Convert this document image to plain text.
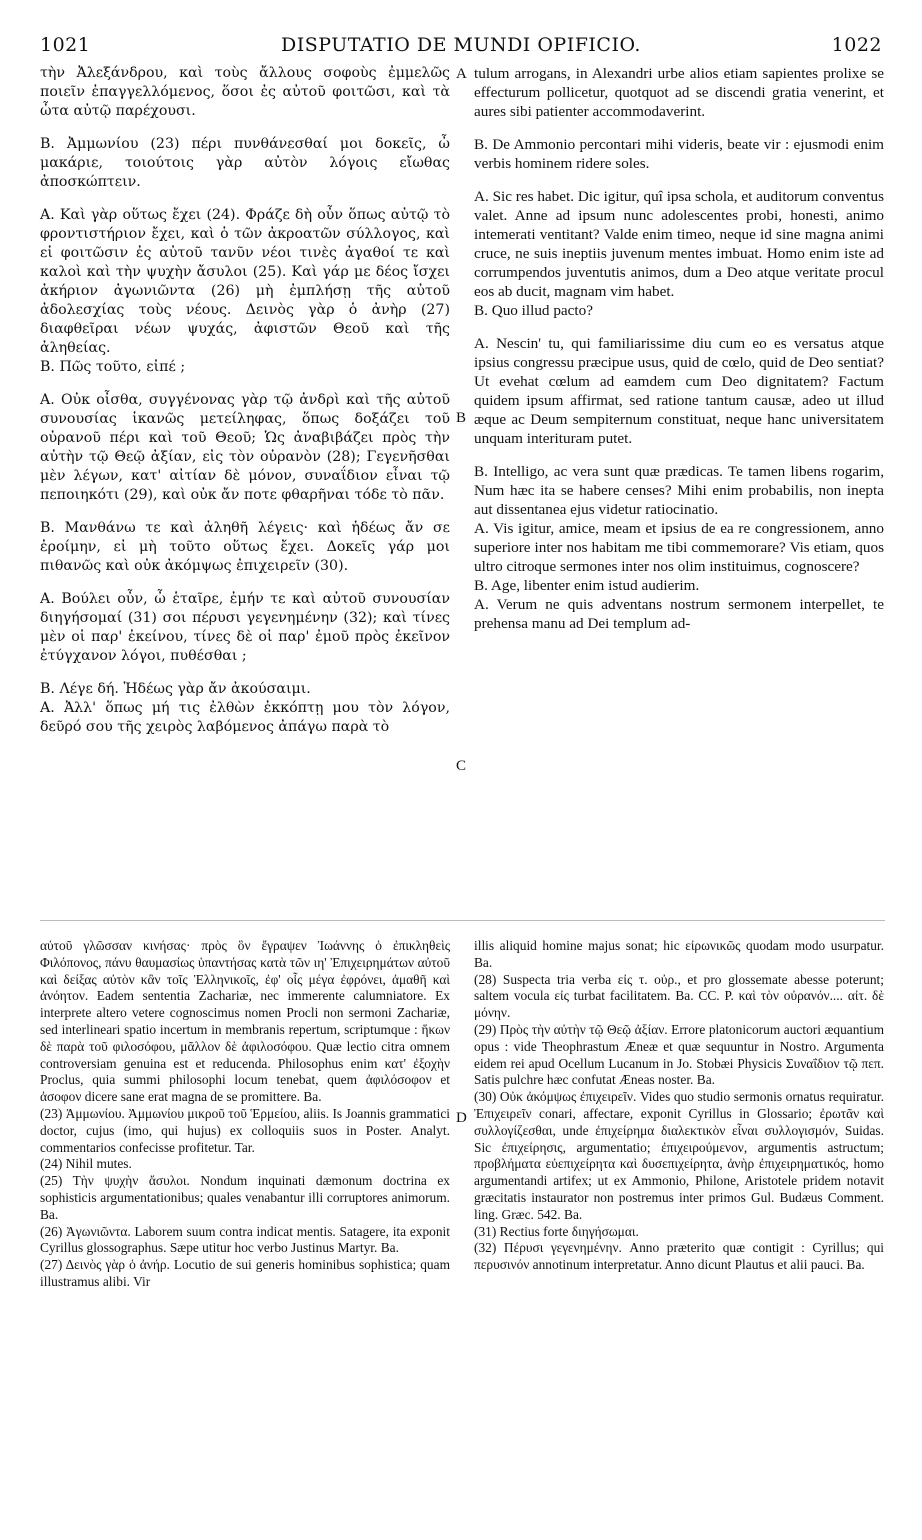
1021	DISPUTATIO DE MUNDI OPIFICIO.	1022
A
B
C
D

τὴν Ἀλεξάνδρου, καὶ τοὺς ἄλλους σοφοὺς ἐμμελῶς ποιεῖν ἐπαγγελλόμενος, ὅσοι ἐς αὐτοῦ φοιτῶσι, καὶ τὰ ὦτα αὐτῷ παρέχουσι.

B. Ἀμμωνίου (23) πέρι πυνθάνεσθαί μοι δοκεῖς, ὦ μακάριε, τοιούτοις γὰρ αὐτὸν λόγοις εἴωθας ἀποσκώπτειν.

A. Καὶ γὰρ οὕτως ἔχει (24). Φράζε δὴ οὖν ὅπως αὐτῷ τὸ φροντιστήριον ἔχει, καὶ ὁ τῶν ἀκροατῶν σύλλογος, καὶ εἰ φοιτῶσιν ἐς αὐτοῦ τανῦν νέοι τινὲς ἀγαθοί τε καὶ καλοὶ καὶ τὴν ψυχὴν ἄσυλοι (25). Καὶ γάρ με δέος ἴσχει ἀκήριον ἀγωνιῶντα (26) μὴ ἐμπλήσῃ τῆς αὐτοῦ ἀδολεσχίας τοὺς νέους. Δεινὸς γὰρ ὁ ἀνὴρ (27) διαφθεῖραι νέων ψυχάς, ἀφιστῶν Θεοῦ καὶ τῆς ἀληθείας.

B. Πῶς τοῦτο, εἰπέ ;

A. Οὐκ οἶσθα, συγγένονας γὰρ τῷ ἀνδρὶ καὶ τῆς αὐτοῦ συνουσίας ἱκανῶς μετείληφας, ὅπως δοξάζει τοῦ οὐρανοῦ πέρι καὶ τοῦ Θεοῦ; Ὡς ἀναβιβάζει πρὸς τὴν αὐτὴν τῷ Θεῷ ἀξίαν, εἰς τὸν οὐρανὸν (28); Γεγενῆσθαι μὲν λέγων, κατ' αἰτίαν δὲ μόνον, συναΐδιον εἶναι τῷ πεποιηκότι (29), καὶ οὐκ ἄν ποτε φθαρῆναι τόδε τὸ πᾶν.

B. Μανθάνω τε καὶ ἀληθῆ λέγεις· καὶ ἡδέως ἄν σε ἐροίμην, εἰ μὴ τοῦτο οὕτως ἔχει. Δοκεῖς γάρ μοι πιθανῶς καὶ οὐκ ἀκόμψως ἐπιχειρεῖν (30).

A. Βούλει οὖν, ὦ ἑταῖρε, ἐμήν τε καὶ αὐτοῦ συνουσίαν διηγήσομαί (31) σοι πέρυσι γεγενημένην (32); καὶ τίνες μὲν οἱ παρ' ἐκείνου, τίνες δὲ οἱ παρ' ἐμοῦ πρὸς ἐκεῖνον ἐτύγχανον λόγοι, πυθέσθαι ;

B. Λέγε δή. Ἡδέως γὰρ ἄν ἀκούσαιμι.

A. Ἀλλ' ὅπως μή τις ἐλθὼν ἐκκόπτῃ μου τὸν λόγον, δεῦρό σου τῆς χειρὸς λαβόμενος ἀπάγω παρὰ τὸ

tulum arrogans, in Alexandri urbe alios etiam sapientes prolixe se effecturum pollicetur, quotquot ad se discendi gratia venerint, et aures sibi patienter accommodaverint.

B. De Ammonio percontari mihi videris, beate vir : ejusmodi enim verbis hominem ridere soles.

A. Sic res habet. Dic igitur, quî ipsa schola, et auditorum conventus valet. Anne ad ipsum nunc adolescentes probi, honesti, animo intemerati ventitant? Valde enim timeo, neque id sine magna animi cruce, ne suis ineptiis juvenum mentes imbuat. Homo enim iste ad corrumpendos juventutis animos, dum a Deo atque veritate procul eos ab ducit, magnam vim habet.

B. Quo illud pacto?

A. Nescin' tu, qui familiarissime diu cum eo es versatus atque ipsius congressu præcipue usus, quid de cœlo, quid de Deo sentiat? Ut evehat cœlum ad eamdem cum Deo dignitatem? Factum quidem ipsum affirmat, sed ratione tantum causæ, adeo ut illud æque ac Deum sempiternum constituat, neque hanc universitatem unquam interituram putet.

B. Intelligo, ac vera sunt quæ prædicas. Te tamen libens rogarim, Num hæc ita se habere censes? Mihi enim probabilis, non inepta aut dissentanea ejus videtur ratiocinatio.

A. Vis igitur, amice, meam et ipsius de ea re congressionem, anno superiore inter nos habitam me tibi commemorare? Vis etiam, quos ultro citroque sermones inter nos olim instituimus, cognoscere?

B. Age, libenter enim istud audierim.

A. Verum ne quis adventans nostrum sermonem interpellet, te prehensa manu ad Dei templum ad-

αὐτοῦ γλῶσσαν κινήσας· πρὸς ὃν ἔγραψεν Ἰωάννης ὁ ἐπικληθεὶς Φιλόπονος, πάνυ θαυμασίως ὑπαντήσας κατὰ τῶν ιη' Ἐπιχειρημάτων αὐτοῦ καὶ δείξας αὐτὸν κἂν τοῖς Ἑλληνικοῖς, ἐφ' οἷς μέγα ἐφρόνει, ἀμαθῆ καὶ ἀνόητον. Eadem sententia Zachariæ, nec immerente calumniatore. Ex interprete altero veterе cognoscimus nomen Procli non sermoni Zachariæ, sed interlineari spatio incertum in membranis repertum, scriptumque : ἥκων δὲ παρὰ τοῦ φιλοσόφου, μᾶλλον δὲ ἀφιλοσόφου. Quæ lectio citra omnem controversiam genuina est et reducenda. Philosophus enim κατ' ἐξοχὴν Proclus, quia summi philosophi locum tenebat, quem ἀφιλόσοφον et ἀσοφον dicere sane erat magna de se promittere. Ba.

(23) Ἀμμωνίου. Ἀμμωνίου μικροῦ τοῦ Ἑρμείου, aliis. Is Joannis grammatici doctor, cujus (imo, qui hujus) ex colloquiis suos in Poster. Analyt. commentarios confecisse profitetur. Tar.

(24) Nihil mutes.

(25) Τὴν ψυχὴν ἄσυλοι. Nondum inquinati dæmonum doctrina ex sophisticis argumentationibus; quales venabantur illi corruptores animorum. Ba.

(26) Ἀγωνιῶντα. Laborem suum contra indicat mentis. Satagere, ita exponit Cyrillus glossographus. Sæpe utitur hoc verbo Justinus Martyr. Ba.

(27) Δεινὸς γὰρ ὁ ἀνήρ. Locutio de sui generis hominibus sophistica; quam illustramus alibi. Vir

illis aliquid homine majus sonat; hic εἰρωνικῶς quodam modo usurpatur. Ba.

(28) Suspecta tria verba εἰς τ. οὐρ., et pro glossemate abesse poterunt; saltem vocula εἰς turbat facilitatem. Ba. CC. P. καὶ τὸν οὐρανόν.... αἰτ. δὲ μόνην.

(29) Πρὸς τὴν αὐτὴν τῷ Θεῷ ἀξίαν. Errore platonicorum auctori æquantium opus : vide Theophrastum Æneæ et quæ sequuntur in Nostro. Argumenta eidem rei apud Ocellum Lucanum in Jo. Stobæi Physicis Συναΐδιον τῷ πεπ. Satis pulchre hæc confutat Æneas noster. Ba.

(30) Οὐκ ἀκόμψως ἐπιχειρεῖν. Vides quo studio sermonis ornatus requiratur. Ἐπιχειρεῖν conari, affectare, exponit Cyrillus in Glossario; ἐρωτᾶν καὶ συλλογίζεσθαι, unde ἐπιχείρημα διαλεκτικὸν εἶναι συλλογισμόν, Suidas. Sic ἐπιχείρησις, argumentatio; ἐπιχειρούμενον, argumentis astructum; προβλήματα εὐεπιχείρητα καὶ δυσεπιχείρητα, ἀνὴρ ἐπιχειρηματικός, homo argumentandi artifex; ut ex Ammonio, Philone, Aristotele pridem notavit græcitatis instaurator non postremus inter primos Gul. Budæus Comment. ling. Græc. 542. Ba.

(31) Rectius forte διηγήσωμαι.

(32) Πέρυσι γεγενημένην. Anno præterito quæ contigit : Cyrillus; qui περυσινόν annotinum interpretatur. Anno dicunt Plautus et alii pauci. Ba.
